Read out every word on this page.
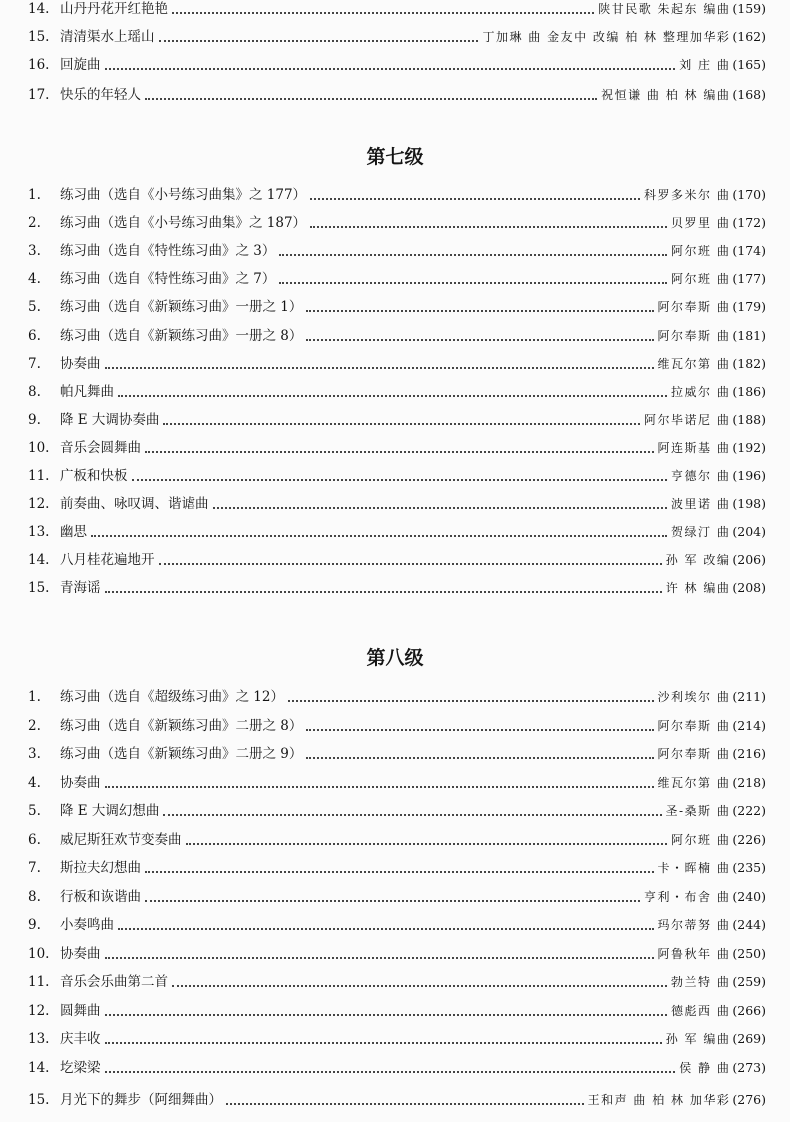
14. 山丹丹花开红艳艳	陕甘民歌 朱起东 编曲 (159)
15. 清清渠水上瑶山	丁加琳 曲 金友中 改编 柏 林 整理加华彩 (162)
16. 回旋曲	刘 庄 曲 (165)
17. 快乐的年轻人	祝恒谦 曲 柏 林 编曲 (168)
第七级
1.	练习曲（选自《小号练习曲集》之 177）	科罗多米尔 曲 (170)
2.	练习曲（选自《小号练习曲集》之 187）	贝罗里 曲 (172)
3.	练习曲（选自《特性练习曲》之 3）	阿尔班 曲 (174)
4.	练习曲（选自《特性练习曲》之 7）	阿尔班 曲 (177)
5.	练习曲（选自《新颖练习曲》一册之 1）	阿尔奉斯 曲 (179)
6.	练习曲（选自《新颖练习曲》一册之 8）	阿尔奉斯 曲 (181)
7.	协奏曲	维瓦尔第 曲 (182)
8.	帕凡舞曲	拉威尔 曲 (186)
9.	降 E 大调协奏曲	阿尔毕诺尼 曲 (188)
10. 音乐会圆舞曲	阿连斯基 曲 (192)
11. 广板和快板	亨德尔 曲 (196)
12. 前奏曲、咏叹调、谐谑曲	波里诺 曲 (198)
13. 幽思	贺绿汀 曲 (204)
14. 八月桂花遍地开	孙 军 改编 (206)
15. 青海谣	许 林 编曲 (208)
第八级
1.	练习曲（选自《超级练习曲》之 12）	沙利埃尔 曲 (211)
2.	练习曲（选自《新颖练习曲》二册之 8）	阿尔奉斯 曲 (214)
3.	练习曲（选自《新颖练习曲》二册之 9）	阿尔奉斯 曲 (216)
4.	协奏曲	维瓦尔第 曲 (218)
5.	降 E 大调幻想曲	圣-桑斯 曲 (222)
6.	威尼斯狂欢节变奏曲	阿尔班 曲 (226)
7.	斯拉夫幻想曲	卡・晖楠 曲 (235)
8.	行板和诙谐曲	亨利・布舍 曲 (240)
9.	小奏鸣曲	玛尔蒂努 曲 (244)
10. 协奏曲	阿鲁秋年 曲 (250)
11. 音乐会乐曲第二首	勃兰特 曲 (259)
12. 圆舞曲	德彪西 曲 (266)
13. 庆丰收	孙 军 编曲 (269)
14. 圪梁梁	侯 静 曲 (273)
15. 月光下的舞步（阿细舞曲）	王和声 曲 柏 林 加华彩 (276)
